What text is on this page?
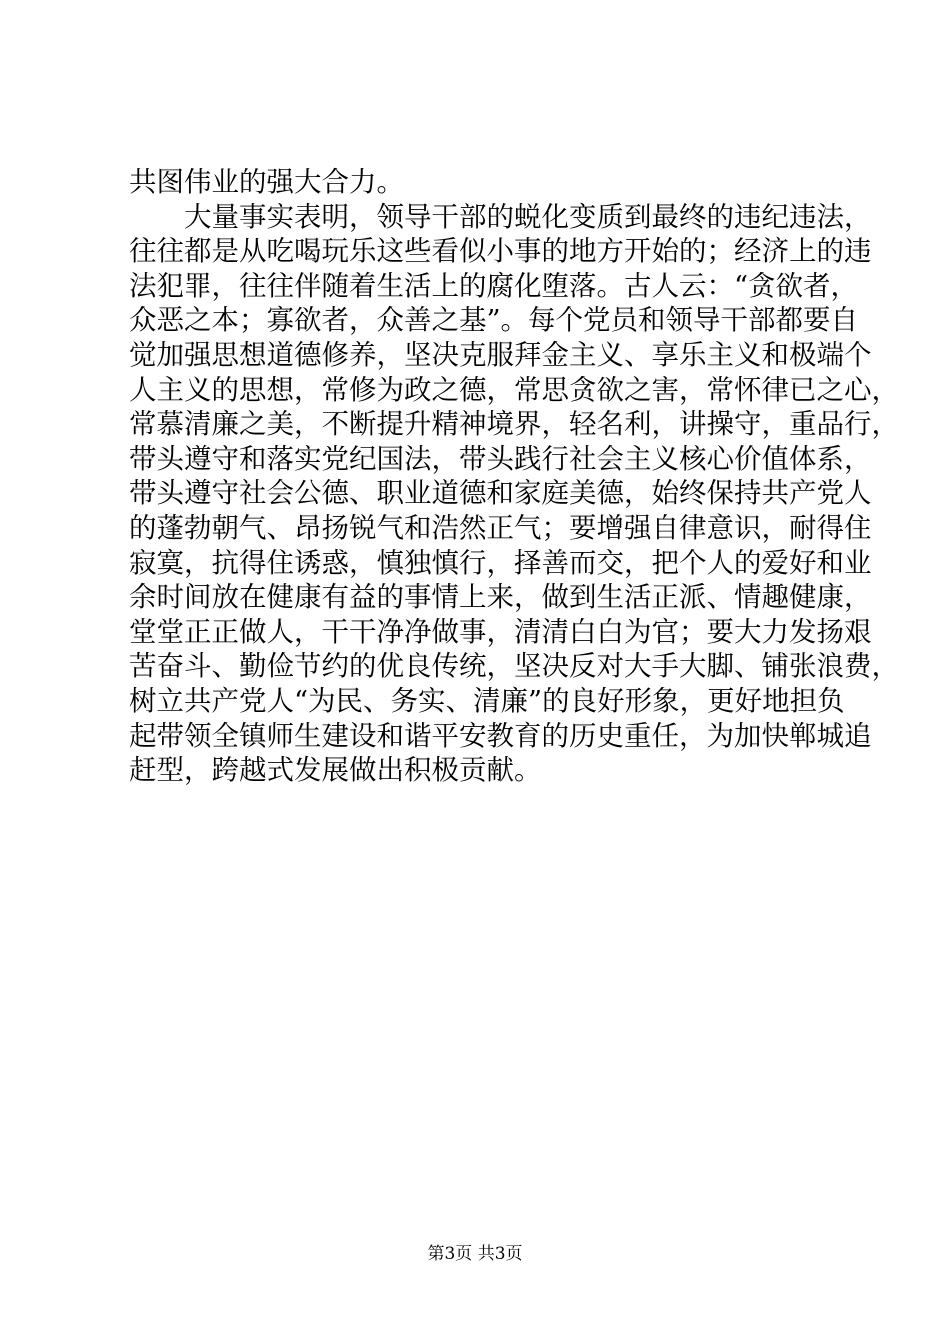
共图伟业的强大合力。
　　大量事实表明，领导干部的蜕化变质到最终的违纪违法，
往往都是从吃喝玩乐这些看似小事的地方开始的；经济上的违
法犯罪，往往伴随着生活上的腐化堕落。古人云：“贪欲者，
众恶之本；寡欲者，众善之基”。每个党员和领导干部都要自
觉加强思想道德修养，坚决克服拜金主义、享乐主义和极端个
人主义的思想，常修为政之德，常思贪欲之害，常怀律已之心，
常慕清廉之美，不断提升精神境界，轻名利，讲操守，重品行，
带头遵守和落实党纪国法，带头践行社会主义核心价值体系，
带头遵守社会公德、职业道德和家庭美德，始终保持共产党人
的蓬勃朝气、昂扬锐气和浩然正气；要增强自律意识，耐得住
寂寞，抗得住诱惑，慎独慎行，择善而交，把个人的爱好和业
余时间放在健康有益的事情上来，做到生活正派、情趣健康，
堂堂正正做人，干干净净做事，清清白白为官；要大力发扬艰
苦奋斗、勤俭节约的优良传统，坚决反对大手大脚、铺张浪费，
树立共产党人“为民、务实、清廉”的良好形象，更好地担负
起带领全镇师生建设和谐平安教育的历史重任，为加快郸城追
赶型，跨越式发展做出积极贡献。
第3页 共3页
